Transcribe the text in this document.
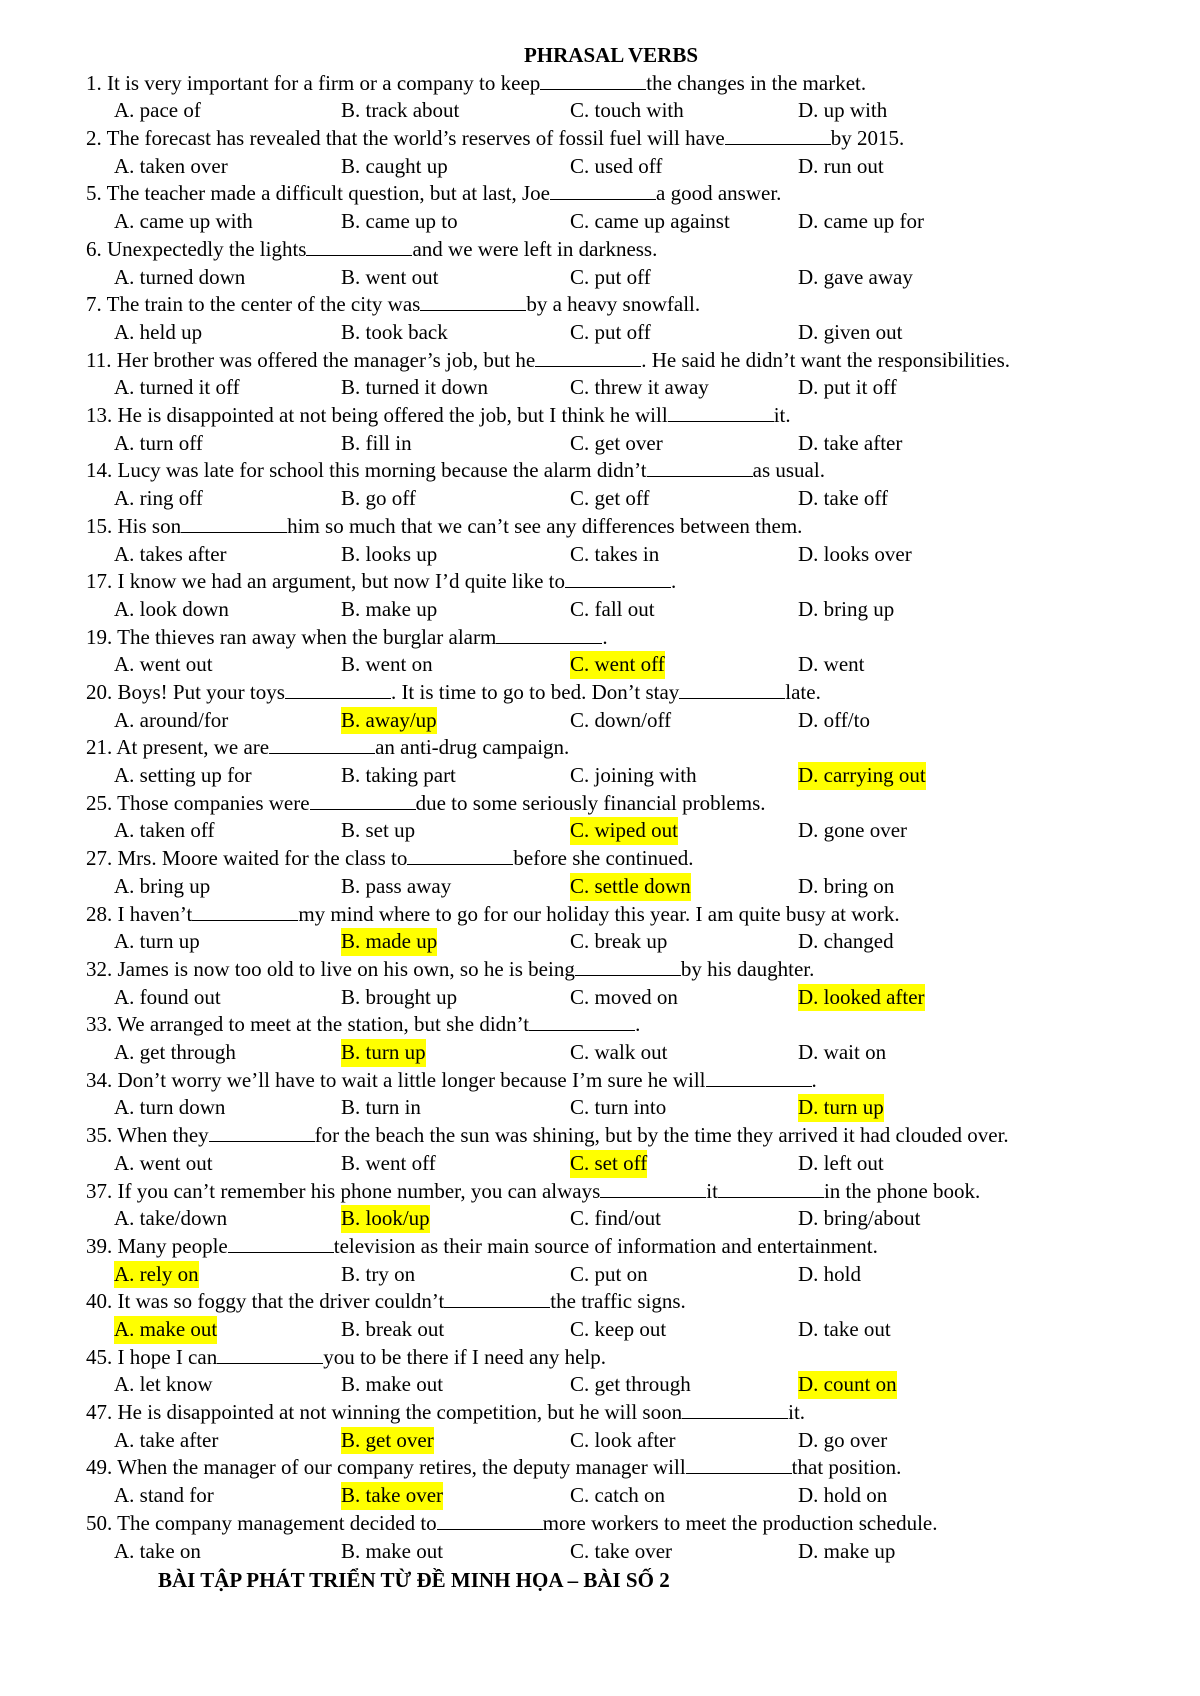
PHRASAL VERBS
1. It is very important for a firm or a company to keep	the changes in the market.
A. pace of	B. track about	C. touch with	D. up with
2. The forecast has revealed that the world’s reserves of fossil fuel will have	by 2015.
A. taken over	B. caught up	C. used off	D. run out
5. The teacher made a difficult question, but at last, Joe	a good answer.
A. came up with	B. came up to	C. came up against	D. came up for
6. Unexpectedly the lights	and we were left in darkness.
A. turned down	B. went out	C. put off	D. gave away
7. The train to the center of the city was	by a heavy snowfall.
A. held up	B. took back	C. put off	D. given out
11. Her brother was offered the manager’s job, but he	. He said he didn’t want the responsibilities.
A. turned it off	B. turned it down	C. threw it away	D. put it off
13. He is disappointed at not being offered the job, but I think he will	it.
A. turn off	B. fill in	C. get over	D. take after
14. Lucy was late for school this morning because the alarm didn’t	as usual.
A. ring off	B. go off	C. get off	D. take off
15. His son	him so much that we can’t see any differences between them.
A. takes after	B. looks up	C. takes in	D. looks over
17. I know we had an argument, but now I’d quite like to	.
A. look down	B. make up	C. fall out	D. bring up
19. The thieves ran away when the burglar alarm	.
A. went out	B. went on	C. went off	D. went
20. Boys! Put your toys	. It is time to go to bed. Don’t stay	late.
A. around/for	B. away/up	C. down/off	D. off/to
21. At present, we are	an anti-drug campaign.
A. setting up for	B. taking part	C. joining with	D. carrying out
25. Those companies were	due to some seriously financial problems.
A. taken off	B. set up	C. wiped out	D. gone over
27. Mrs. Moore waited for the class to	before she continued.
A. bring up	B. pass away	C. settle down	D. bring on
28. I haven’t	my mind where to go for our holiday this year. I am quite busy at work.
A. turn up	B. made up	C. break up	D. changed
32. James is now too old to live on his own, so he is being	by his daughter.
A. found out	B. brought up	C. moved on	D. looked after
33. We arranged to meet at the station, but she didn’t	.
A. get through	B. turn up	C. walk out	D. wait on
34. Don’t worry we’ll have to wait a little longer because I’m sure he will	.
A. turn down	B. turn in	C. turn into	D. turn up
35. When they	for the beach the sun was shining, but by the time they arrived it had clouded over.
A. went out	B. went off	C. set off	D. left out
37. If you can’t remember his phone number, you can always	it	in the phone book.
A. take/down	B. look/up	C. find/out	D. bring/about
39. Many people	television as their main source of information and entertainment.
A. rely on	B. try on	C. put on	D. hold
40. It was so foggy that the driver couldn’t	the traffic signs.
A. make out	B. break out	C. keep out	D. take out
45. I hope I can	you to be there if I need any help.
A. let know	B. make out	C. get through	D. count on
47. He is disappointed at not winning the competition, but he will soon	it.
A. take after	B. get over	C. look after	D. go over
49. When the manager of our company retires, the deputy manager will	that position.
A. stand for	B. take over	C. catch on	D. hold on
50. The company management decided to	more workers to meet the production schedule.
A. take on	B. make out	C. take over	D. make up
BÀI TẬP PHÁT TRIỂN TỪ ĐỀ MINH HỌA – BÀI SỐ 2
